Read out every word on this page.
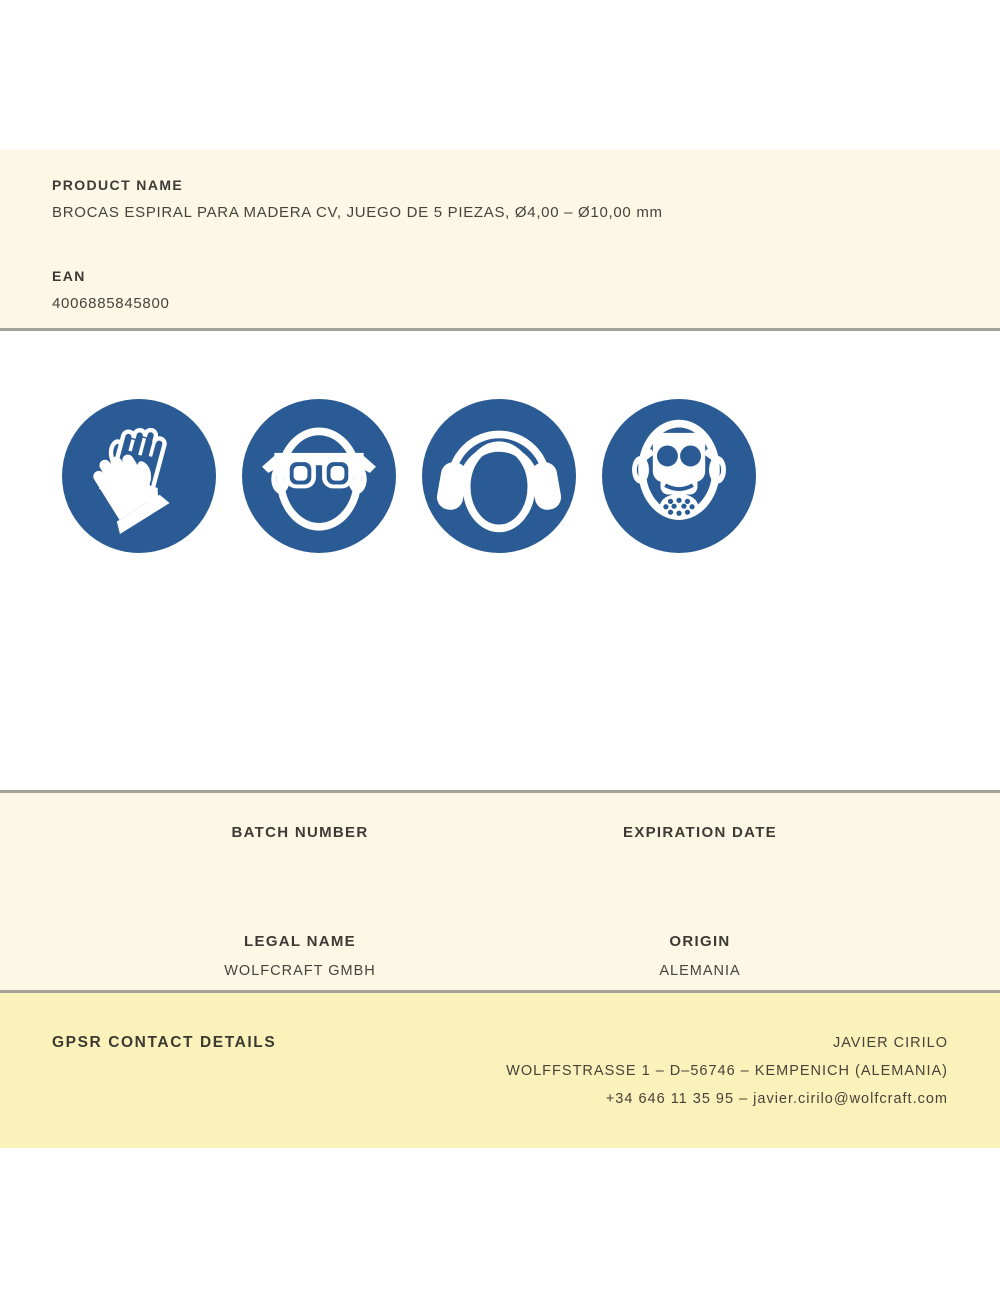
PRODUCT NAME
BROCAS ESPIRAL PARA MADERA CV, JUEGO DE 5 PIEZAS, Ø4,00 – Ø10,00 mm
EAN
4006885845800
BATCH NUMBER	EXPIRATION DATE
LEGAL NAME
WOLFCRAFT GMBH
ORIGIN
ALEMANIA
GPSR CONTACT DETAILS	JAVIER CIRILO
WOLFFSTRASSE 1 – D–56746 – KEMPENICH (ALEMANIA)
+34 646 11 35 95 – javier.cirilo@wolfcraft.com
